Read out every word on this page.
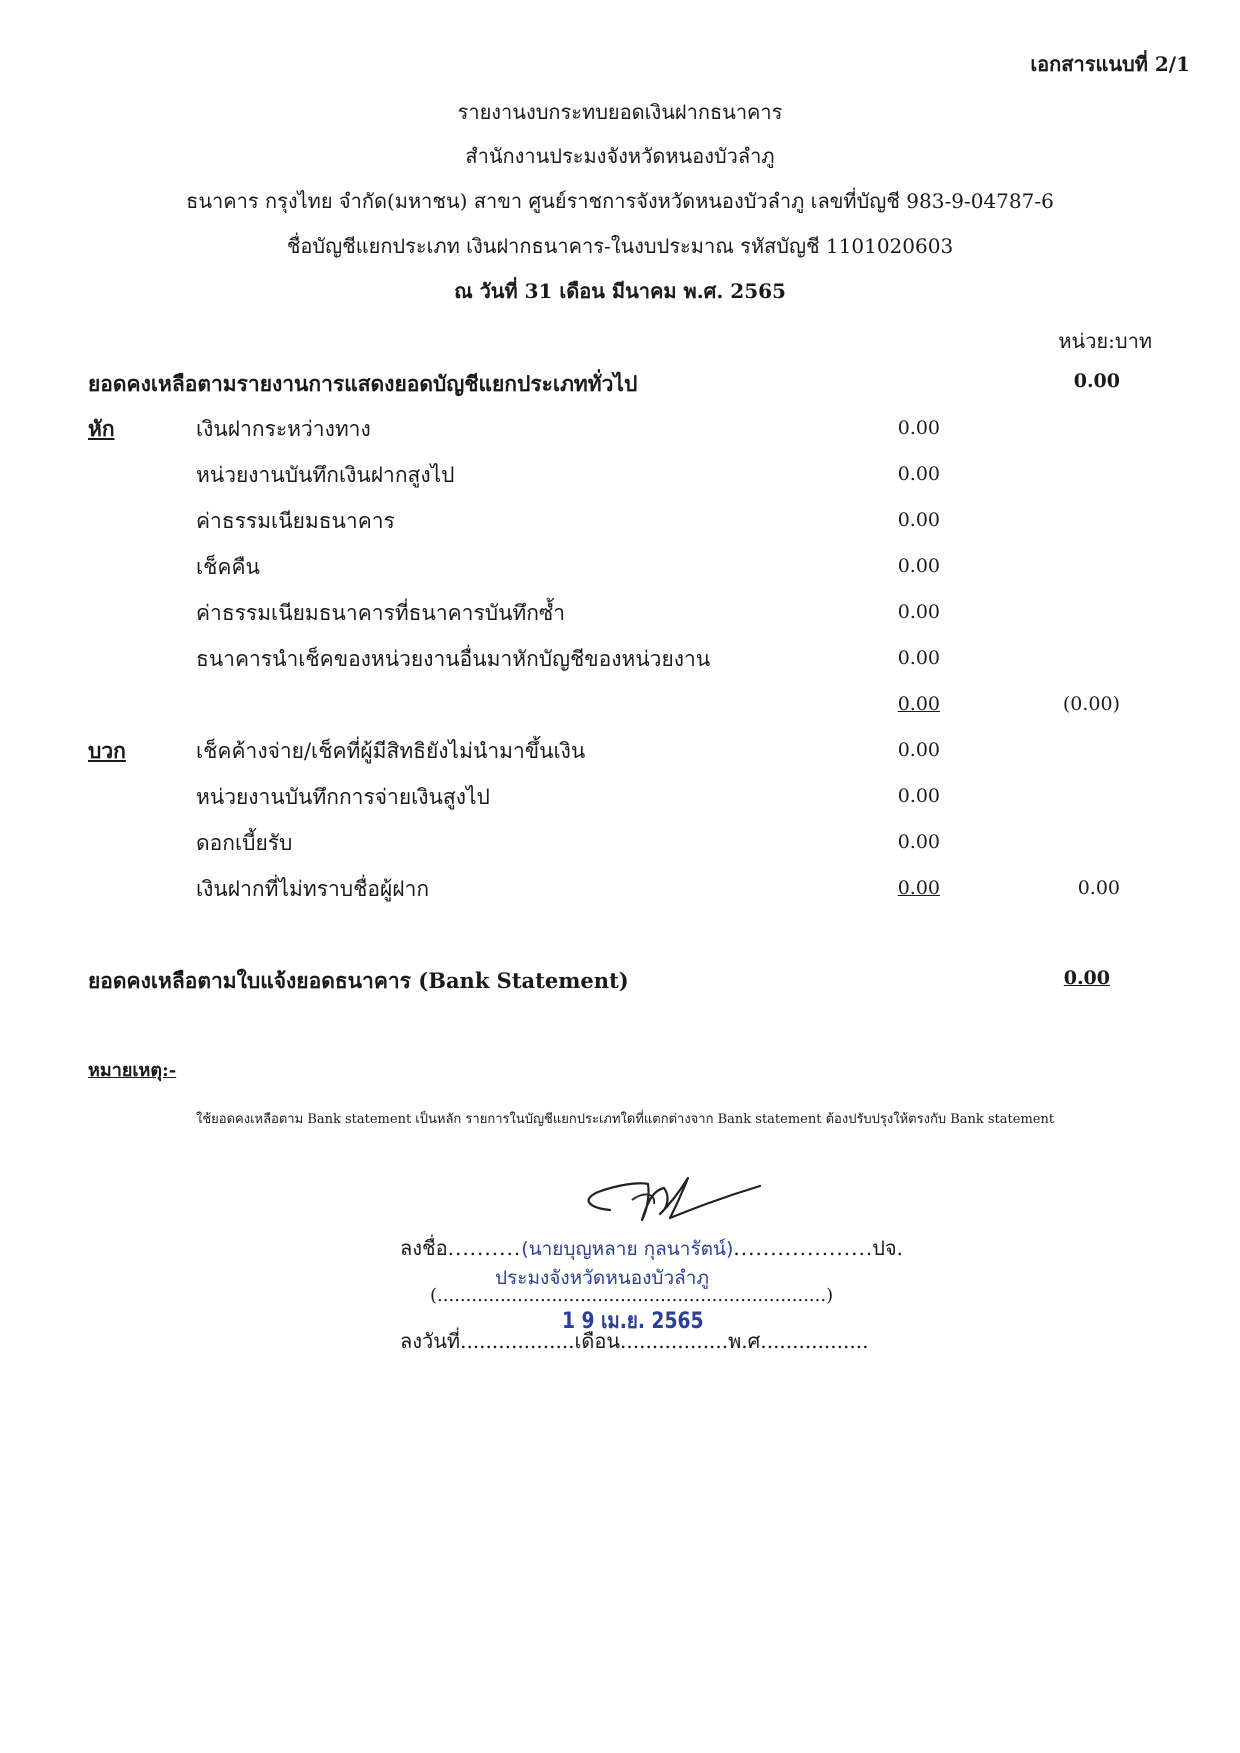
เอกสารแนบที่ 2/1
รายงานงบกระทบยอดเงินฝากธนาคาร
สำนักงานประมงจังหวัดหนองบัวลำภู
ธนาคาร กรุงไทย จำกัด(มหาชน) สาขา ศูนย์ราชการจังหวัดหนองบัวลำภู เลขที่บัญชี 983-9-04787-6
ชื่อบัญชีแยกประเภท เงินฝากธนาคาร-ในงบประมาณ รหัสบัญชี 1101020603
ณ วันที่ 31 เดือน มีนาคม พ.ศ. 2565
หน่วย:บาท
ยอดคงเหลือตามรายงานการแสดงยอดบัญชีแยกประเภททั่วไป	0.00
หัก	เงินฝากระหว่างทาง	0.00
หน่วยงานบันทึกเงินฝากสูงไป	0.00
ค่าธรรมเนียมธนาคาร	0.00
เช็คคืน	0.00
ค่าธรรมเนียมธนาคารที่ธนาคารบันทึกซ้ำ	0.00
ธนาคารนำเช็คของหน่วยงานอื่นมาหักบัญชีของหน่วยงาน	0.00
0.00	(0.00)
บวก	เช็คค้างจ่าย/เช็คที่ผู้มีสิทธิยังไม่นำมาขึ้นเงิน	0.00
หน่วยงานบันทึกการจ่ายเงินสูงไป	0.00
ดอกเบี้ยรับ	0.00
เงินฝากที่ไม่ทราบชื่อผู้ฝาก	0.00	0.00
ยอดคงเหลือตามใบแจ้งยอดธนาคาร (Bank Statement)	0.00
หมายเหตุ:-
ใช้ยอดคงเหลือตาม Bank statement เป็นหลัก รายการในบัญชีแยกประเภทใดที่แตกต่างจาก Bank statement ต้องปรับปรุงให้ตรงกับ Bank statement
ลงชื่อ..........(นายบุญหลาย กุลนารัตน์)...................ปจ.
ประมงจังหวัดหนองบัวลำภู
(....................................................................)
1 9 เม.ย. 2565
ลงวันที่..................เดือน.................พ.ศ.................
